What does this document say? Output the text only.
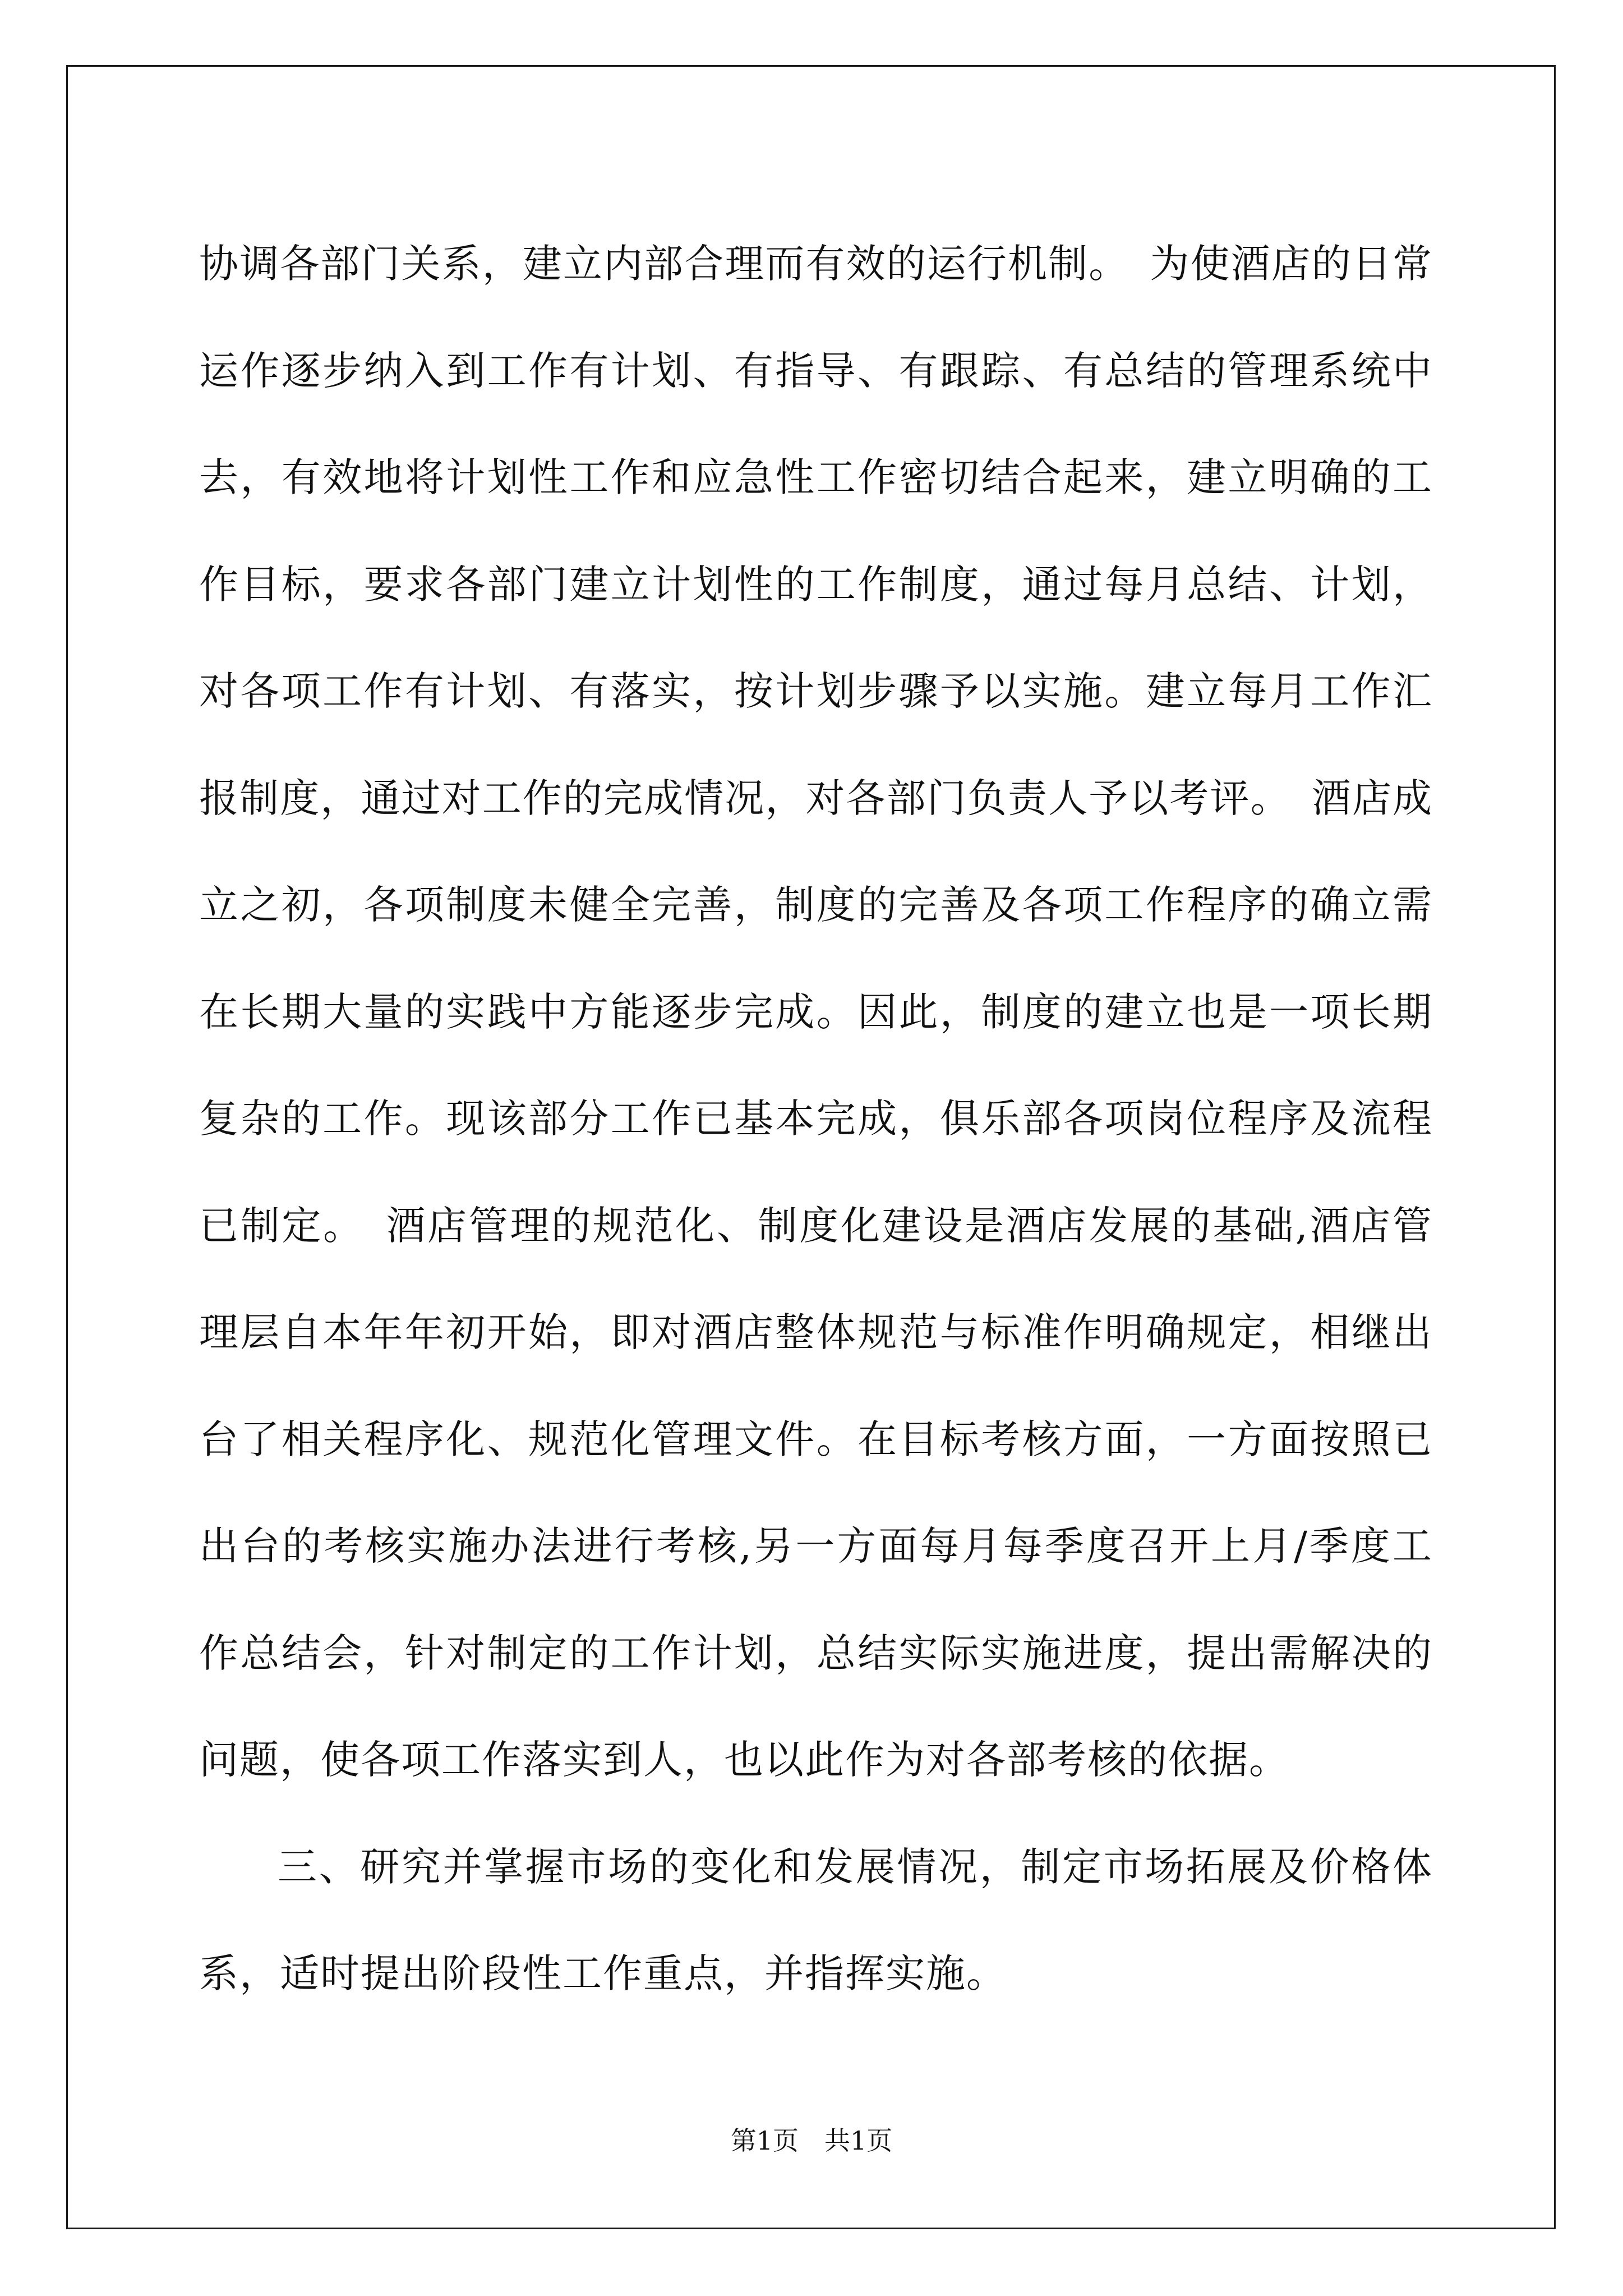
协调各部门关系，建立内部合理而有效的运行机制。　为使酒店的日常运作逐步纳入到工作有计划、有指导、有跟踪、有总结的管理系统中去，有效地将计划性工作和应急性工作密切结合起来，建立明确的工作目标，要求各部门建立计划性的工作制度，通过每月总结、计划，对各项工作有计划、有落实，按计划步骤予以实施。建立每月工作汇报制度，通过对工作的完成情况，对各部门负责人予以考评。　酒店成立之初，各项制度未健全完善，制度的完善及各项工作程序的确立需在长期大量的实践中方能逐步完成。因此，制度的建立也是一项长期复杂的工作。现该部分工作已基本完成，俱乐部各项岗位程序及流程已制定。　酒店管理的规范化、制度化建设是酒店发展的基础,酒店管理层自本年年初开始，即对酒店整体规范与标准作明确规定，相继出台了相关程序化、规范化管理文件。在目标考核方面，一方面按照已出台的考核实施办法进行考核,另一方面每月每季度召开上月/季度工作总结会，针对制定的工作计划，总结实际实施进度，提出需解决的问题，使各项工作落实到人，也以此作为对各部考核的依据。

三、研究并掌握市场的变化和发展情况，制定市场拓展及价格体系，适时提出阶段性工作重点，并指挥实施。

第1页　共1页
